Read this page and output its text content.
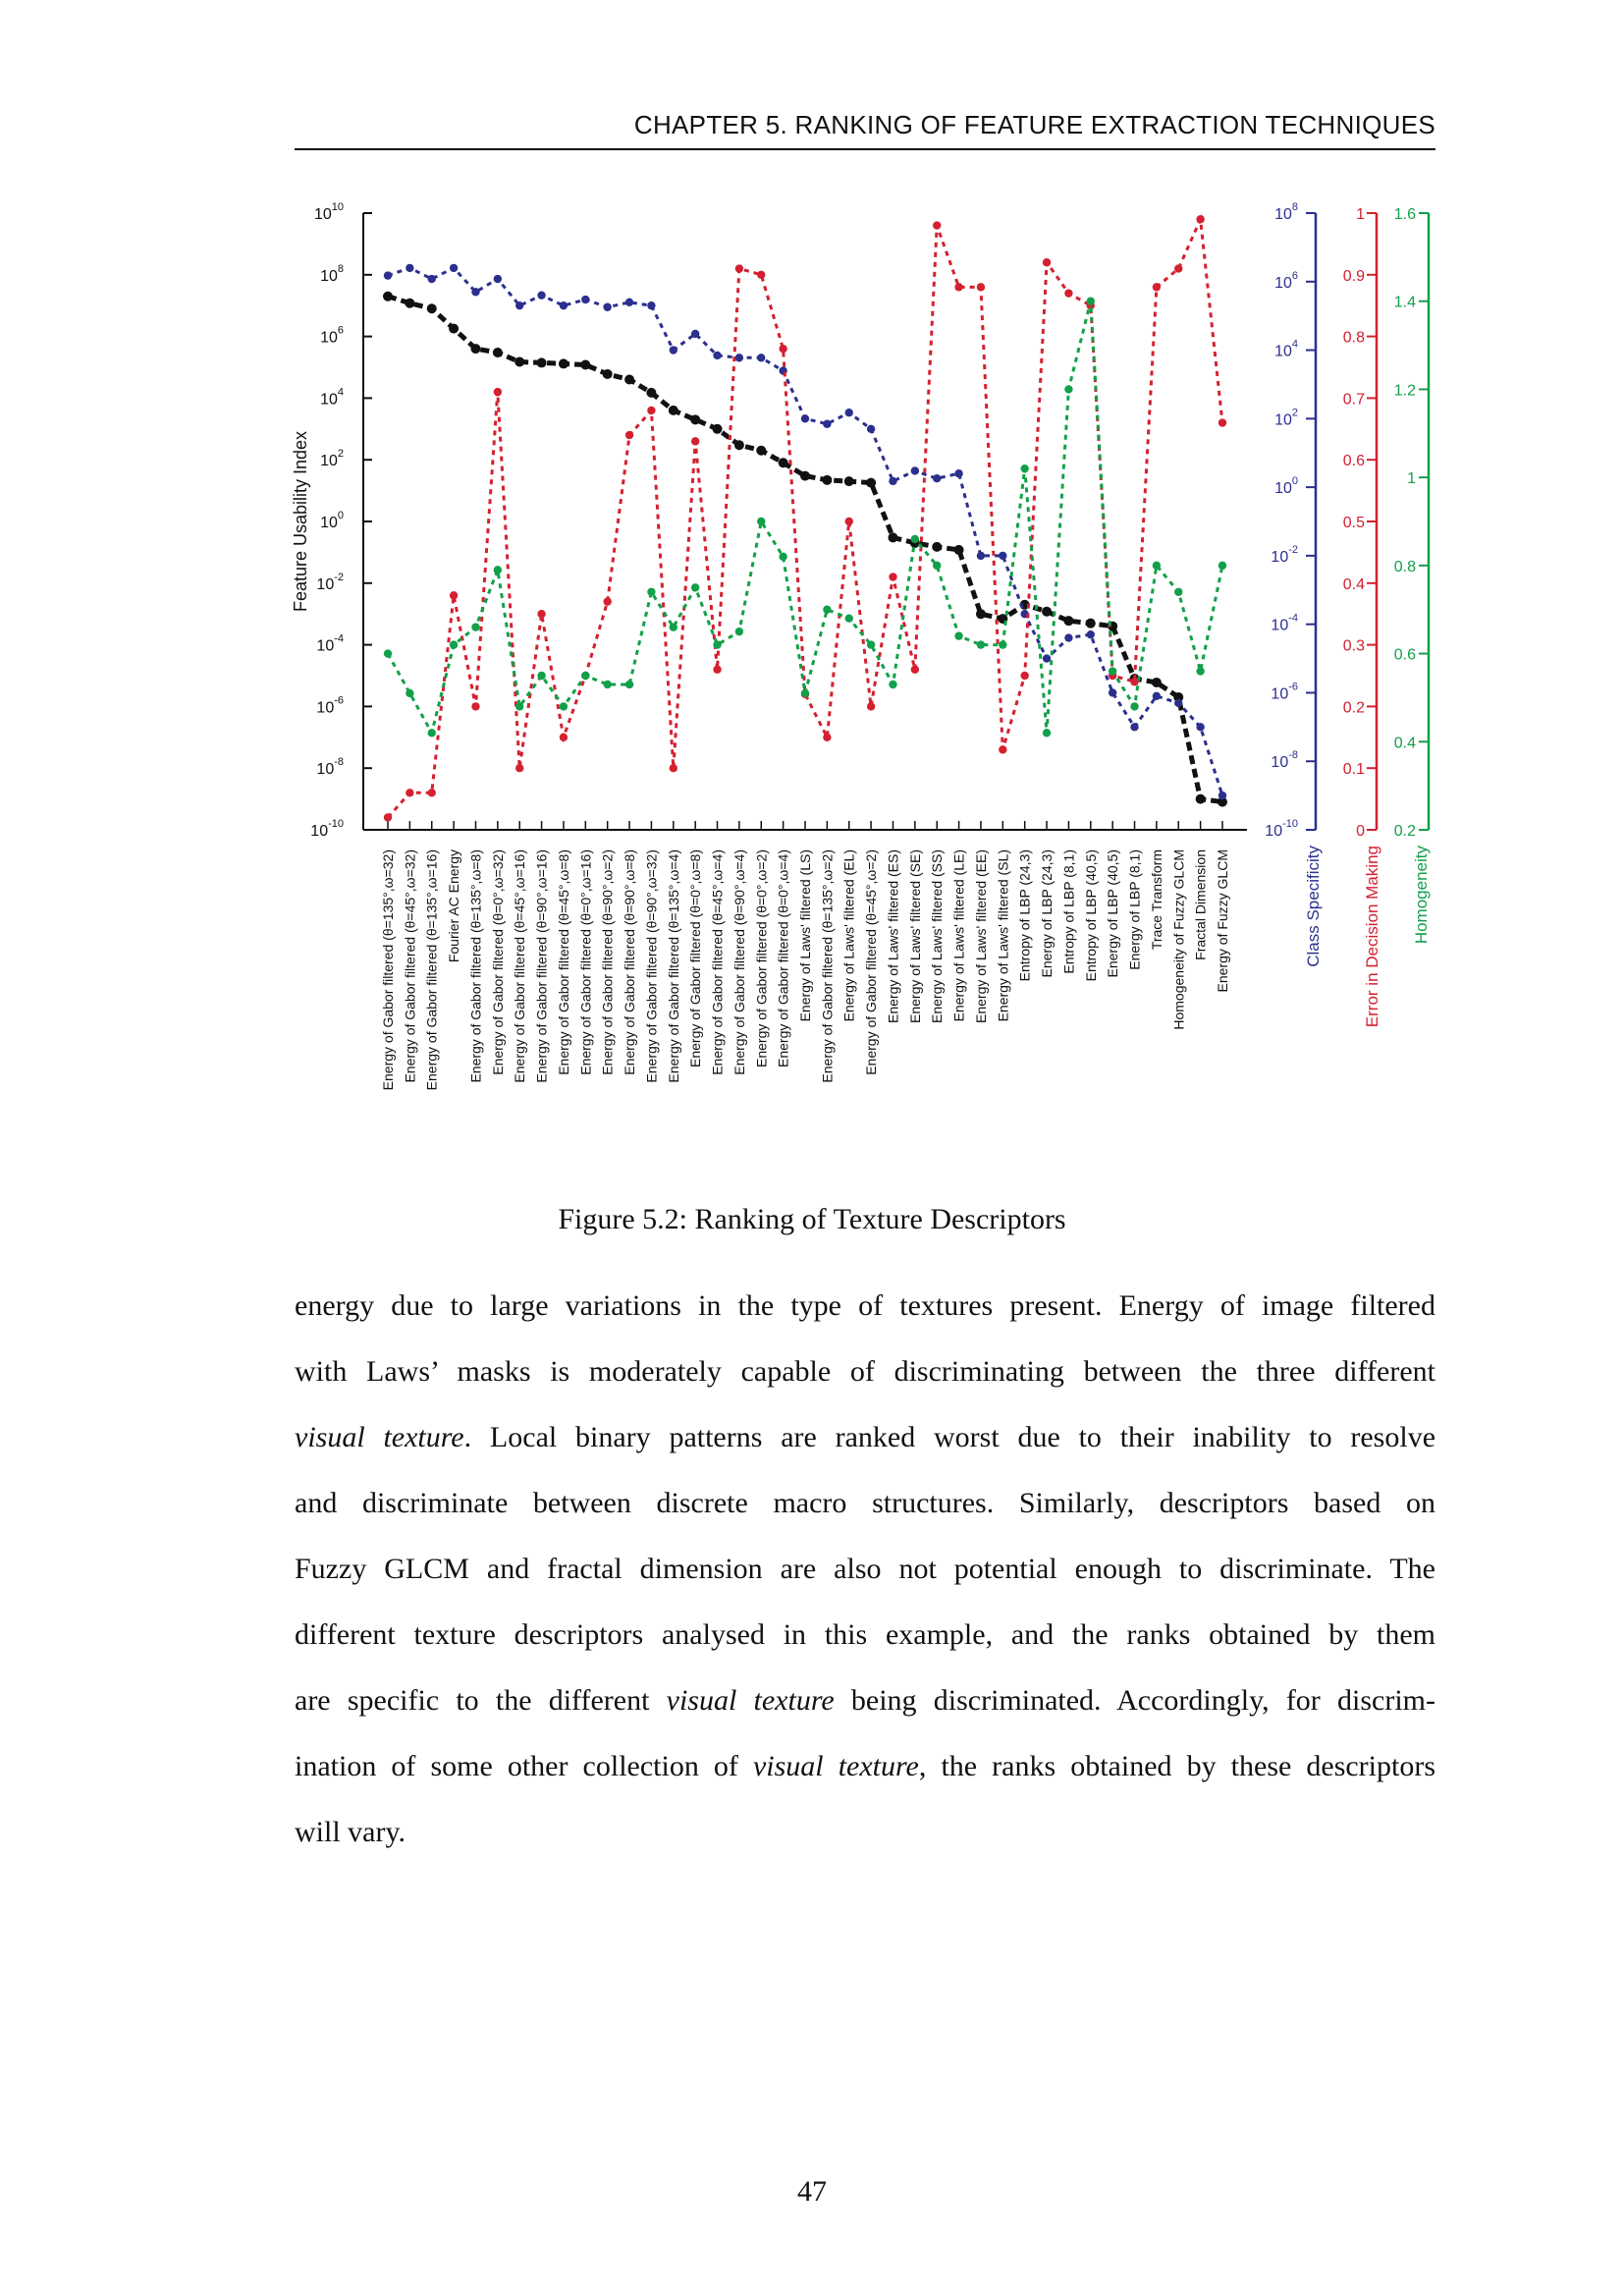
CHAPTER 5. RANKING OF FEATURE EXTRACTION TECHNIQUES
$10^{10}$
$10^8$
$10^6$
$10^4$
$10^2$
$10^0$
$10^{-2}$
$10^{-4}$
$10^{-6}$
$10^{-8}$
$10^{-10}$
Feature Usability Index
Energy of Gabor filtered (θ=135°,ω=32) Energy of Gabor filtered (θ=45°,ω=32) Energy of Gabor filtered (θ=135°,ω=16) Fourier AC Energy Energy of Gabor filtered (θ=135°,ω=8) Energy of Gabor filtered (θ=0°,ω=32) Energy of Gabor filtered (θ=45°,ω=16) Energy of Gabor filtered (θ=90°,ω=16) Energy of Gabor filtered (θ=45°,ω=8) Energy of Gabor filtered (θ=0°,ω=16) Energy of Gabor filtered (θ=90°,ω=2) Energy of Gabor filtered (θ=90°,ω=8) Energy of Gabor filtered (θ=90°,ω=32) Energy of Gabor filtered (θ=135°,ω=4) Energy of Gabor filtered (θ=0°,ω=8) Energy of Gabor filtered (θ=45°,ω=4) Energy of Gabor filtered (θ=90°,ω=4) Energy of Gabor filtered (θ=0°,ω=2) Energy of Gabor filtered (θ=0°,ω=4) Energy of Laws' filtered (LS) Energy of Gabor filtered (θ=135°,ω=2) Energy of Laws' filtered (EL) Energy of Gabor filtered (θ=45°,ω=2) Energy of Laws' filtered (ES) Energy of Laws' filtered (SE) Energy of Laws' filtered (SS) Energy of Laws' filtered (LE) Energy of Laws' filtered (EE) Energy of Laws' filtered (SL) Entropy of LBP (24,3) Energy of LBP (24,3) Entropy of LBP (8,1) Entropy of LBP (40,5) Energy of LBP (40,5) Energy of LBP (8,1) Trace Transform Homogeneity of Fuzzy GLCM Fractal Dimension Energy of Fuzzy GLCM
$10^8$
$10^6$
$10^4$
$10^2$
$10^0$
$10^{-2}$
$10^{-4}$
$10^{-6}$
$10^{-8}$
$10^{-10}$
Class Specificity
1
0.9
0.8
0.7
0.6
0.5
0.4
0.3
0.2
0.1
0
Error in Decision Making
1.6
1.4
1.2
1
0.8
0.6
0.4
0.2
Homogeneity
Figure 5.2: Ranking of Texture Descriptors
energy due to large variations in the type of textures present. Energy of image filtered
with Laws’ masks is moderately capable of discriminating between the three different
visual texture. Local binary patterns are ranked worst due to their inability to resolve
and discriminate between discrete macro structures. Similarly, descriptors based on
Fuzzy GLCM and fractal dimension are also not potential enough to discriminate. The
different texture descriptors analysed in this example, and the ranks obtained by them
are specific to the different visual texture being discriminated. Accordingly, for discrim-
ination of some other collection of visual texture, the ranks obtained by these descriptors
will vary.
47
